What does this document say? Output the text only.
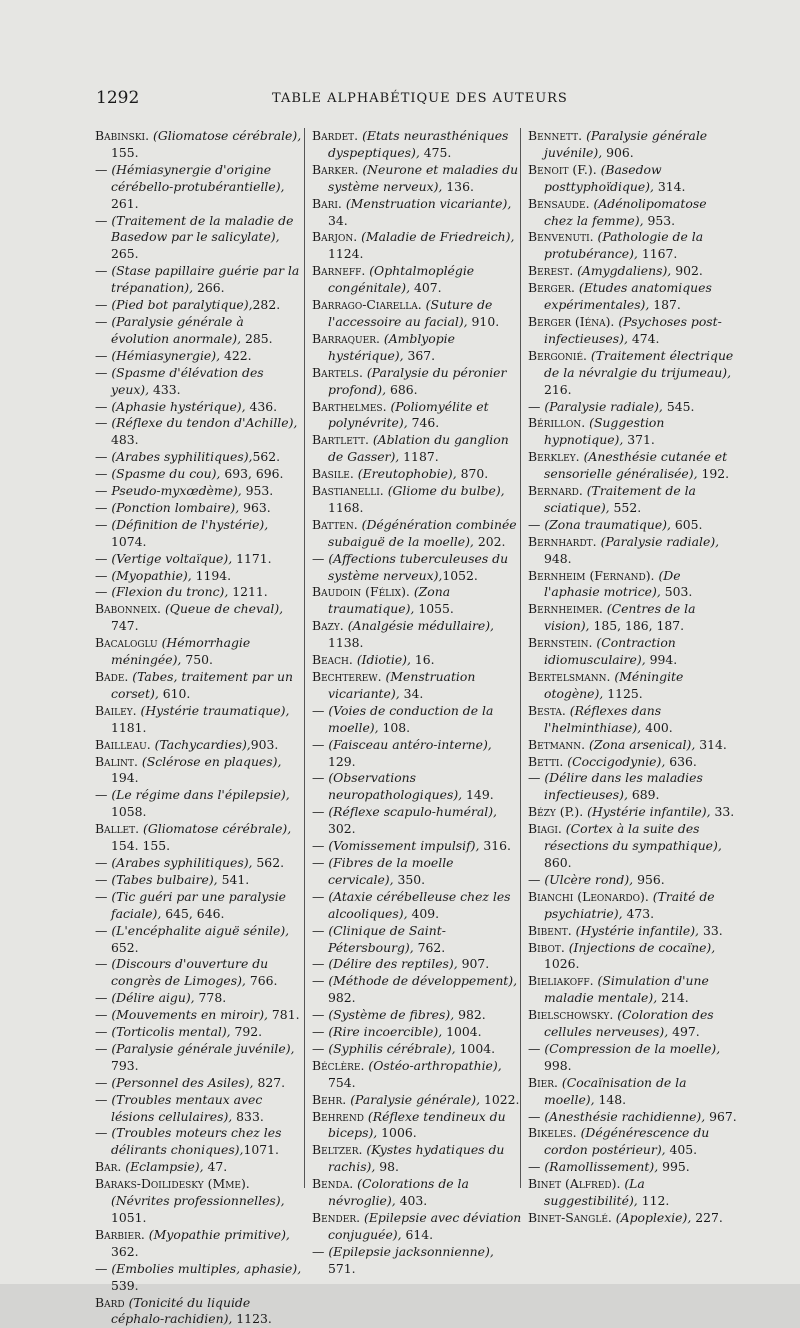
1292	TABLE ALPHABÉTIQUE DES AUTEURS

Babinski. (Gliomatose cérébrale), 155.

— (Hémiasynergie d'origine cérébello-protubérantielle), 261.

— (Traitement de la maladie de Basedow par le salicylate), 265.

— (Stase papillaire guérie par la trépanation), 266.

— (Pied bot paralytique),282.

— (Paralysie générale à évolution anormale), 285.

— (Hémiasynergie), 422.

— (Spasme d'élévation des yeux), 433.

— (Aphasie hystérique), 436.

— (Réflexe du tendon d'Achille), 483.

— (Arabes syphilitiques),562.

— (Spasme du cou), 693, 696.

— Pseudo-myxœdème), 953.

— (Ponction lombaire), 963.

— (Définition de l'hystérie), 1074.

— (Vertige voltaïque), 1171.

— (Myopathie), 1194.

— (Flexion du tronc), 1211.

Babonneix. (Queue de cheval), 747.

Bacaloglu (Hémorrhagie méningée), 750.

Bade. (Tabes, traitement par un corset), 610.

Bailey. (Hystérie traumatique), 1181.

Bailleau. (Tachycardies),903.

Balint. (Sclérose en plaques), 194.

— (Le régime dans l'épilepsie), 1058.

Ballet. (Gliomatose cérébrale), 154. 155.

— (Arabes syphilitiques), 562.

— (Tabes bulbaire), 541.

— (Tic guéri par une paralysie faciale), 645, 646.

— (L'encéphalite aiguë sénile), 652.

— (Discours d'ouverture du congrès de Limoges), 766.

— (Délire aigu), 778.

— (Mouvements en miroir), 781.

— (Torticolis mental), 792.

— (Paralysie générale juvénile), 793.

— (Personnel des Asiles), 827.

— (Troubles mentaux avec lésions cellulaires), 833.

— (Troubles moteurs chez les délirants choniques),1071.

Bar. (Eclampsie), 47.

Baraks-Doilidesky (Mme). (Névrites professionnelles), 1051.

Barbier. (Myopathie primitive), 362.

— (Embolies multiples, aphasie), 539.

Bard (Tonicité du liquide céphalo-rachidien), 1123.

Bardet. (Etats neurasthéniques dyspeptiques), 475.

Barker. (Neurone et maladies du système nerveux), 136.

Bari. (Menstruation vicariante), 34.

Barjon. (Maladie de Friedreich), 1124.

Barneff. (Ophtalmoplégie congénitale), 407.

Barrago-Ciarella. (Suture de l'accessoire au facial), 910.

Barraquer. (Amblyopie hystérique), 367.

Bartels. (Paralysie du péronier profond), 686.

Barthelmes. (Poliomyélite et polynévrite), 746.

Bartlett. (Ablation du ganglion de Gasser), 1187.

Basile. (Ereutophobie), 870.

Bastianelli. (Gliome du bulbe), 1168.

Batten. (Dégénération combinée subaiguë de la moelle), 202.

— (Affections tuberculeuses du système nerveux),1052.

Baudoin (Félix). (Zona traumatique), 1055.

Bazy. (Analgésie médullaire), 1138.

Beach. (Idiotie), 16.

Bechterew. (Menstruation vicariante), 34.

— (Voies de conduction de la moelle), 108.

— (Faisceau antéro-interne), 129.

— (Observations neuropathologiques), 149.

— (Réflexe scapulo-huméral), 302.

— (Vomissement impulsif), 316.

— (Fibres de la moelle cervicale), 350.

— (Ataxie cérébelleuse chez les alcooliques), 409.

— (Clinique de Saint-Pétersbourg), 762.

— (Délire des reptiles), 907.

— (Méthode de développement), 982.

— (Système de fibres), 982.

— (Rire incoercible), 1004.

— (Syphilis cérébrale), 1004.

Béclère. (Ostéo-arthropathie), 754.

Behr. (Paralysie générale), 1022.

Behrend (Réflexe tendineux du biceps), 1006.

Beltzer. (Kystes hydatiques du rachis), 98.

Benda. (Colorations de la névroglie), 403.

Bender. (Epilepsie avec déviation conjuguée), 614.

— (Epilepsie jacksonnienne), 571.

Bennett. (Paralysie générale juvénile), 906.

Benoit (F.). (Basedow posttyphoïdique), 314.

Bensaude. (Adénolipomatose chez la femme), 953.

Benvenuti. (Pathologie de la protubérance), 1167.

Berest. (Amygdaliens), 902.

Berger. (Etudes anatomiques expérimentales), 187.

Berger (Iéna). (Psychoses post-infectieuses), 474.

Bergonié. (Traitement électrique de la névralgie du trijumeau), 216.

— (Paralysie radiale), 545.

Bérillon. (Suggestion hypnotique), 371.

Berkley. (Anesthésie cutanée et sensorielle généralisée), 192.

Bernard. (Traitement de la sciatique), 552.

— (Zona traumatique), 605.

Bernhardt. (Paralysie radiale), 948.

Bernheim (Fernand). (De l'aphasie motrice), 503.

Bernheimer. (Centres de la vision), 185, 186, 187.

Bernstein. (Contraction idiomusculaire), 994.

Bertelsmann. (Méningite otogène), 1125.

Besta. (Réflexes dans l'helminthiase), 400.

Betmann. (Zona arsenical), 314.

Betti. (Coccigodynie), 636.

— (Délire dans les maladies infectieuses), 689.

Bézy (P.). (Hystérie infantile), 33.

Biagi. (Cortex à la suite des résections du sympathique), 860.

— (Ulcère rond), 956.

Bianchi (Leonardo). (Traité de psychiatrie), 473.

Bibent. (Hystérie infantile), 33.

Bibot. (Injections de cocaïne), 1026.

Bieliakoff. (Simulation d'une maladie mentale), 214.

Bielschowsky. (Coloration des cellules nerveuses), 497.

— (Compression de la moelle), 998.

Bier. (Cocaïnisation de la moelle), 148.

— (Anesthésie rachidienne), 967.

Bikeles. (Dégénérescence du cordon postérieur), 405.

— (Ramollissement), 995.

Binet (Alfred). (La suggestibilité), 112.

Binet-Sanglé. (Apoplexie), 227.
